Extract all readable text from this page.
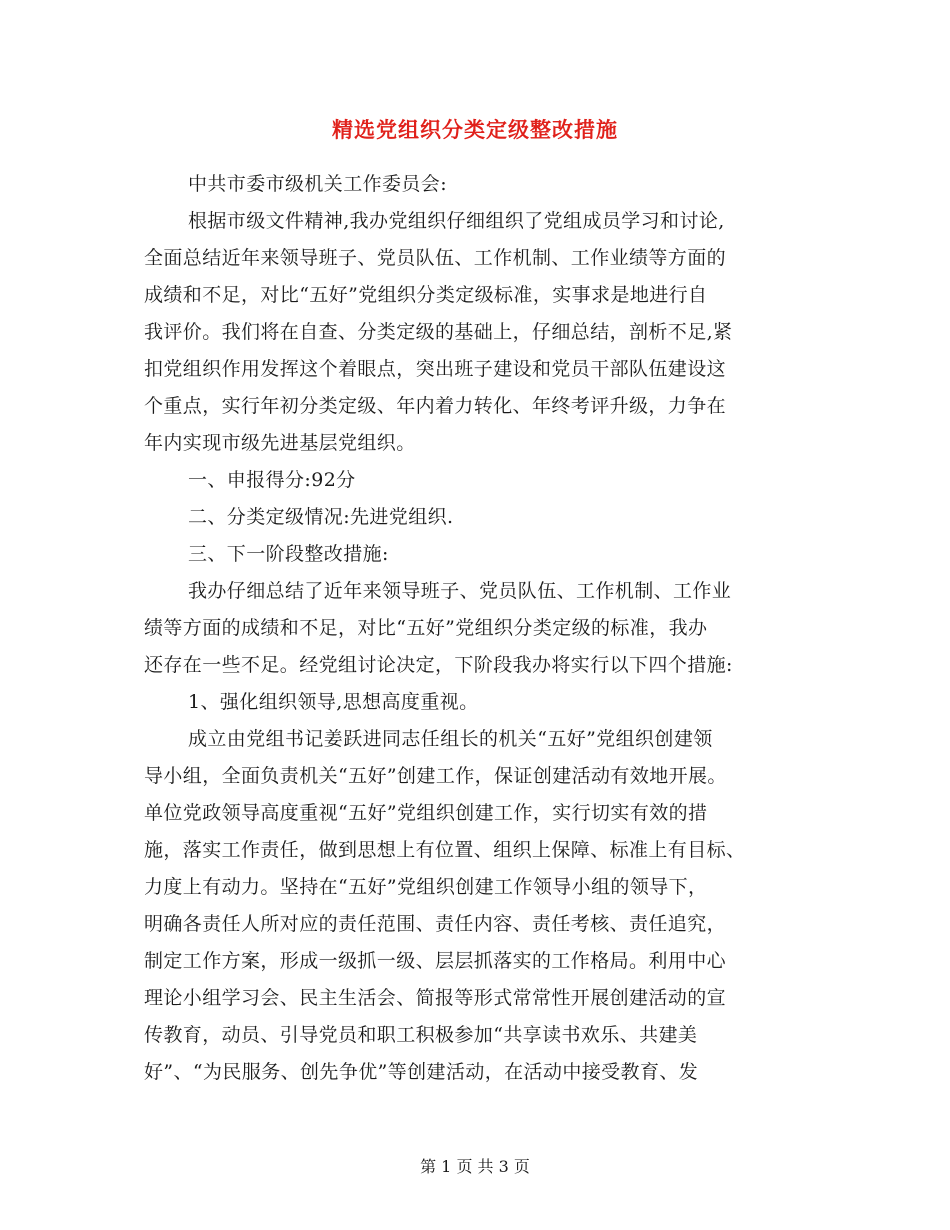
精选党组织分类定级整改措施
中共市委市级机关工作委员会:
根据市级文件精神,我办党组织仔细组织了党组成员学习和讨论,
全面总结近年来领导班子、党员队伍、工作机制、工作业绩等方面的
成绩和不足，对比“五好”党组织分类定级标准，实事求是地进行自
我评价。我们将在自查、分类定级的基础上，仔细总结，剖析不足,紧
扣党组织作用发挥这个着眼点，突出班子建设和党员干部队伍建设这
个重点，实行年初分类定级、年内着力转化、年终考评升级，力争在
年内实现市级先进基层党组织。
一、申报得分:92分
二、分类定级情况:先进党组织.
三、下一阶段整改措施:
我办仔细总结了近年来领导班子、党员队伍、工作机制、工作业
绩等方面的成绩和不足，对比“五好”党组织分类定级的标准，我办
还存在一些不足。经党组讨论决定，下阶段我办将实行以下四个措施:
1、强化组织领导,思想高度重视。
成立由党组书记姜跃进同志任组长的机关“五好”党组织创建领
导小组，全面负责机关“五好”创建工作，保证创建活动有效地开展。
单位党政领导高度重视“五好”党组织创建工作，实行切实有效的措
施，落实工作责任，做到思想上有位置、组织上保障、标准上有目标、
力度上有动力。坚持在“五好”党组织创建工作领导小组的领导下，
明确各责任人所对应的责任范围、责任内容、责任考核、责任追究，
制定工作方案，形成一级抓一级、层层抓落实的工作格局。利用中心
理论小组学习会、民主生活会、简报等形式常常性开展创建活动的宣
传教育，动员、引导党员和职工积极参加“共享读书欢乐、共建美
好”、“为民服务、创先争优”等创建活动，在活动中接受教育、发
第 1 页 共 3 页
